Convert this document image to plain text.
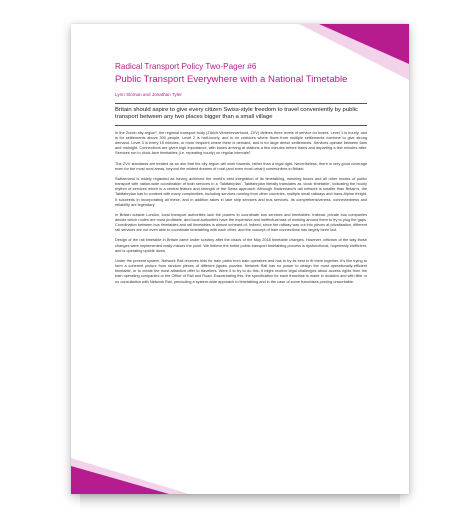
Radical Transport Policy Two-Pager #6

Public Transport Everywhere with a National Timetable

Lynn Sloman and Jonathan Tyler

Britain should aspire to give every citizen Swiss-style freedom to travel conveniently by public transport between any two places bigger than a small village

In the Zurich city-region¹, the regional transport body (Zürich Verkehrsverbund, ZVV) defines three levels of service for buses. Level 1 is hourly, and is for settlements above 300 people. Level 2 is half-hourly, and is on corridors where flows from multiple settlements combine to give strong demand. Level 3 is every 15 minutes, or more frequent where there is demand, and is for large dense settlements. Services operate between 6am and midnight. Connections are given high importance, with buses arriving at stations a few minutes before trains and departing a few minutes after. Services run to clock-face timetables (i.e. repeating hourly) on regular intervals².

The ZVV standards are treated as an aim that the city-region will work towards, rather than a legal right. Nevertheless, there is very good coverage even for the most rural areas, beyond the wildest dreams of rural (and even most urban) communities in Britain.

Switzerland is widely regarded as having achieved the world’s best integration of its timetabling, meshing buses and all other modes of public transport with nation-wide coordination of train services in a ‘Taktfahrplan’. Taktfahrplan literally translates as ‘clock timetable’, indicating the hourly rhythm of services which is a central feature and strength of the Swiss approach. Although Switzerland’s rail network is smaller than Britain’s, the Taktfahrplan has to contend with many complexities, including services running from other countries, multiple small railways and trans-Alpine freight. It succeeds in incorporating all these, and in addition takes in lake ship services and bus services. Its comprehensiveness, connectedness and reliability are legendary.

In Britain outside London, local transport authorities lack the powers to coordinate bus services and timetables. Instead, private bus companies decide which routes are most profitable, and local authorities have the expensive and ineffectual task of working around them to try to plug the gaps. Coordination between bus timetables and rail timetables is almost unheard-of. Indeed, since the railway was cut into pieces at privatisation, different rail services are not even able to coordinate timetabling with each other, and the concept of train connections has largely been lost.

Design of the rail timetable in Britain came under scrutiny after the chaos of the May 2018 timetable changes. However, criticism of the way those changes were implemented really misses the point. We believe the entire public transport timetabling process is dysfunctional, hopelessly inefficient, and is operating upside down.

Under the present system, Network Rail receives bids for train paths from train operators and has to try its best to fit them together. It’s like trying to form a coherent picture from random pieces of different jigsaw puzzles. Network Rail has no power to design the most operationally-efficient timetable, or to create the most attractive offer to travellers. Were it to try to do this, it might receive legal challenges about access rights from the train operating companies or the Office of Rail and Road. Exacerbating this, the specification for each franchise is made in isolation and with little or no consultation with Network Rail, precluding a system-wide approach to timetabling and in the case of some franchises proving unworkable.
